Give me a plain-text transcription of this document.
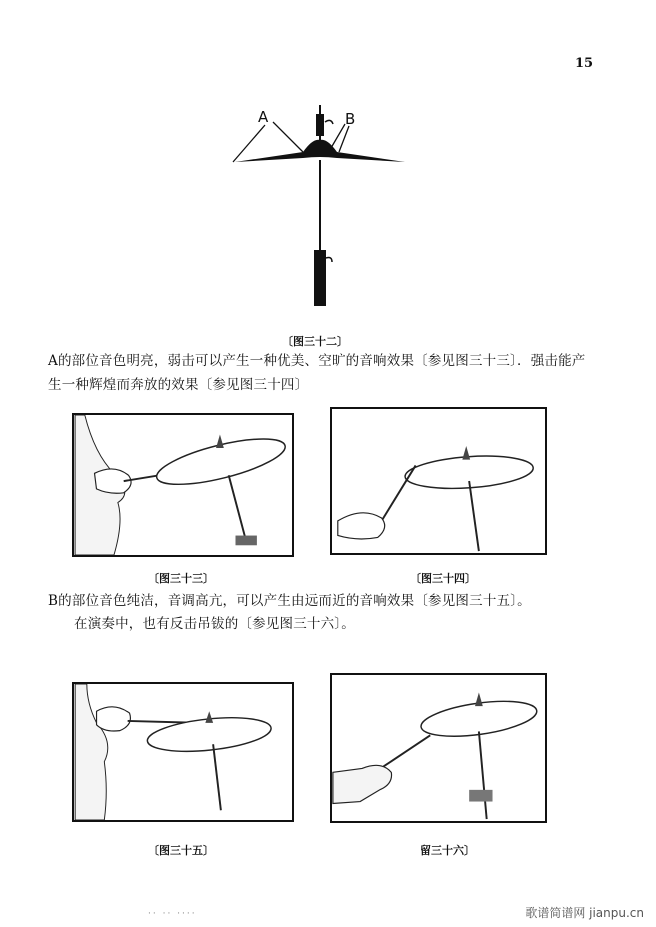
15
A	B
〔图三十二〕
A的部位音色明亮，弱击可以产生一种优美、空旷的音响效果〔参见图三十三〕．强击能产
生一种辉煌而奔放的效果〔参见图三十四〕
〔图三十三〕	〔图三十四〕
B的部位音色纯洁，音调高亢，可以产生由远而近的音响效果〔参见图三十五〕。
在演奏中，也有反击吊钹的〔参见图三十六〕。
〔图三十五〕	留三十六〕
·· ·· ····	歌谱简谱网 jianpu.cn
